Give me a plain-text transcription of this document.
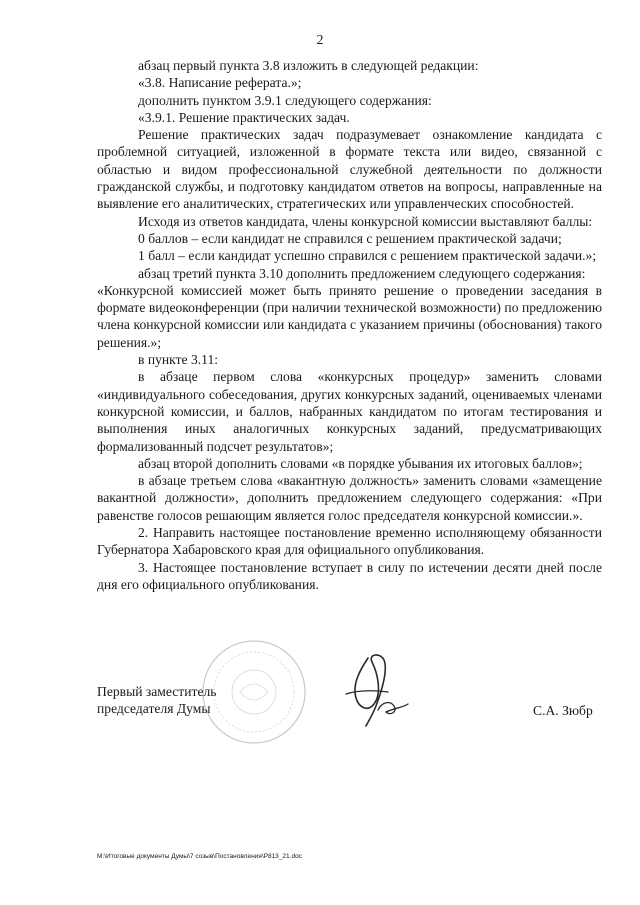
2

абзац первый пункта 3.8 изложить в следующей редакции:

«3.8. Написание реферата.»;

дополнить пунктом 3.9.1 следующего содержания:

«3.9.1. Решение практических задач.

Решение практических задач подразумевает ознакомление кандидата с проблемной ситуацией, изложенной в формате текста или видео, связанной с областью и видом профессиональной служебной деятельности по должности гражданской службы, и подготовку кандидатом ответов на вопросы, направленные на выявление его аналитических, стратегических или управленческих способностей.

Исходя из ответов кандидата, члены конкурсной комиссии выставляют баллы:

0 баллов – если кандидат не справился с решением практической задачи;

1 балл – если кандидат успешно справился с решением практической задачи.»;

абзац третий пункта 3.10 дополнить предложением следующего содержания:

«Конкурсной комиссией может быть принято решение о проведении заседания в формате видеоконференции (при наличии технической возможности) по предложению члена конкурсной комиссии или кандидата с указанием причины (обоснования) такого решения.»;

в пункте 3.11:

в абзаце первом слова «конкурсных процедур» заменить словами «индивидуального собеседования, других конкурсных заданий, оцениваемых членами конкурсной комиссии, и баллов, набранных кандидатом по итогам тестирования и выполнения иных аналогичных конкурсных заданий, предусматривающих формализованный подсчет результатов»;

абзац второй дополнить словами «в порядке убывания их итоговых баллов»;

в абзаце третьем слова «вакантную должность» заменить словами «замещение вакантной должности», дополнить предложением следующего содержания: «При равенстве голосов решающим является голос председателя конкурсной комиссии.».

2. Направить настоящее постановление временно исполняющему обязанности Губернатора Хабаровского края для официального опубликования.

3. Настоящее постановление вступает в силу по истечении десяти дней после дня его официального опубликования.

Первый заместитель
председателя Думы	С.А. Зюбр
M:\Итоговые документы Думы\7 созыв\Постановления\Р813_21.doc
